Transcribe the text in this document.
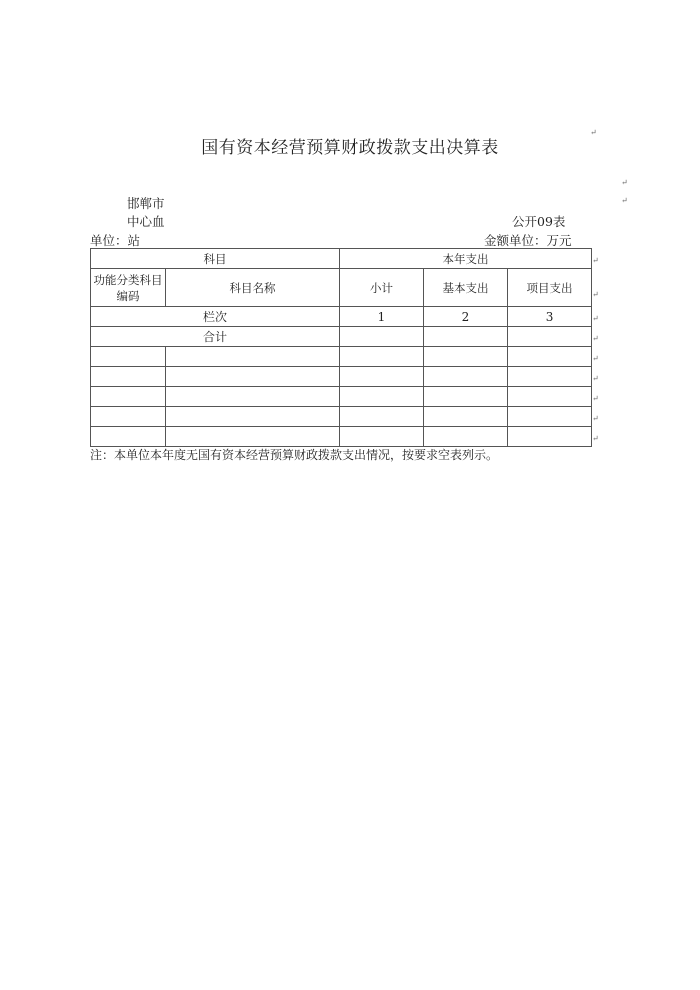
国有资本经营预算财政拨款支出决算表
↵
↵
↵
邯郸市
中心血	公开09表
单位：站	金额单位：万元
科目		本年支出		
功能分类科目编码	科目名称	小计	基本支出	项目支出
栏次		1	2	3
合计				

↵
↵
↵
↵
↵
↵
↵
↵
↵
注：本单位本年度无国有资本经营预算财政拨款支出情况，按要求空表列示。
